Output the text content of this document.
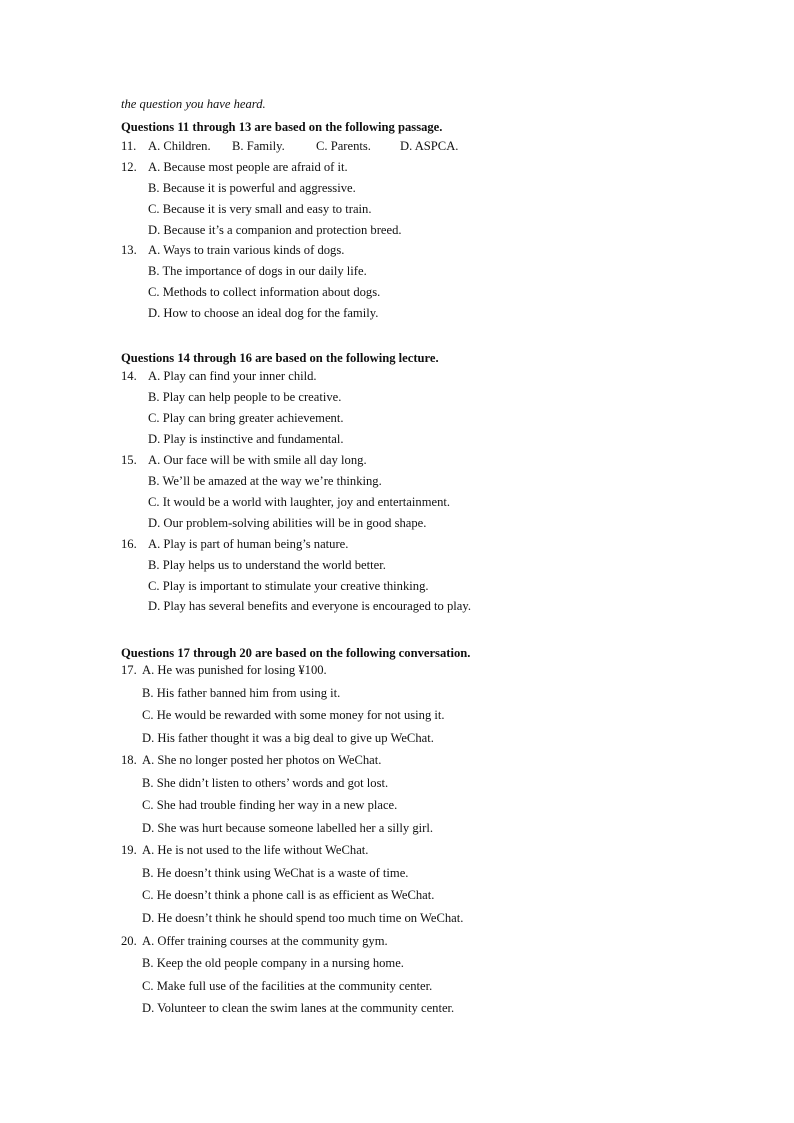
the question you have heard.
Questions 11 through 13 are based on the following passage.
11. A. Children. B. Family. C. Parents. D. ASPCA.
12. A. Because most people are afraid of it.
B. Because it is powerful and aggressive.
C. Because it is very small and easy to train.
D. Because it’s a companion and protection breed.
13. A. Ways to train various kinds of dogs.
B. The importance of dogs in our daily life.
C. Methods to collect information about dogs.
D. How to choose an ideal dog for the family.
Questions 14 through 16 are based on the following lecture.
14. A. Play can find your inner child.
B. Play can help people to be creative.
C. Play can bring greater achievement.
D. Play is instinctive and fundamental.
15. A. Our face will be with smile all day long.
B. We’ll be amazed at the way we’re thinking.
C. It would be a world with laughter, joy and entertainment.
D. Our problem-solving abilities will be in good shape.
16. A. Play is part of human being’s nature.
B. Play helps us to understand the world better.
C. Play is important to stimulate your creative thinking.
D. Play has several benefits and everyone is encouraged to play.
Questions 17 through 20 are based on the following conversation.
17. A. He was punished for losing ¥100.
B. His father banned him from using it.
C. He would be rewarded with some money for not using it.
D. His father thought it was a big deal to give up WeChat.
18. A. She no longer posted her photos on WeChat.
B. She didn’t listen to others’ words and got lost.
C. She had trouble finding her way in a new place.
D. She was hurt because someone labelled her a silly girl.
19. A. He is not used to the life without WeChat.
B. He doesn’t think using WeChat is a waste of time.
C. He doesn’t think a phone call is as efficient as WeChat.
D. He doesn’t think he should spend too much time on WeChat.
20. A. Offer training courses at the community gym.
B. Keep the old people company in a nursing home.
C. Make full use of the facilities at the community center.
D. Volunteer to clean the swim lanes at the community center.
